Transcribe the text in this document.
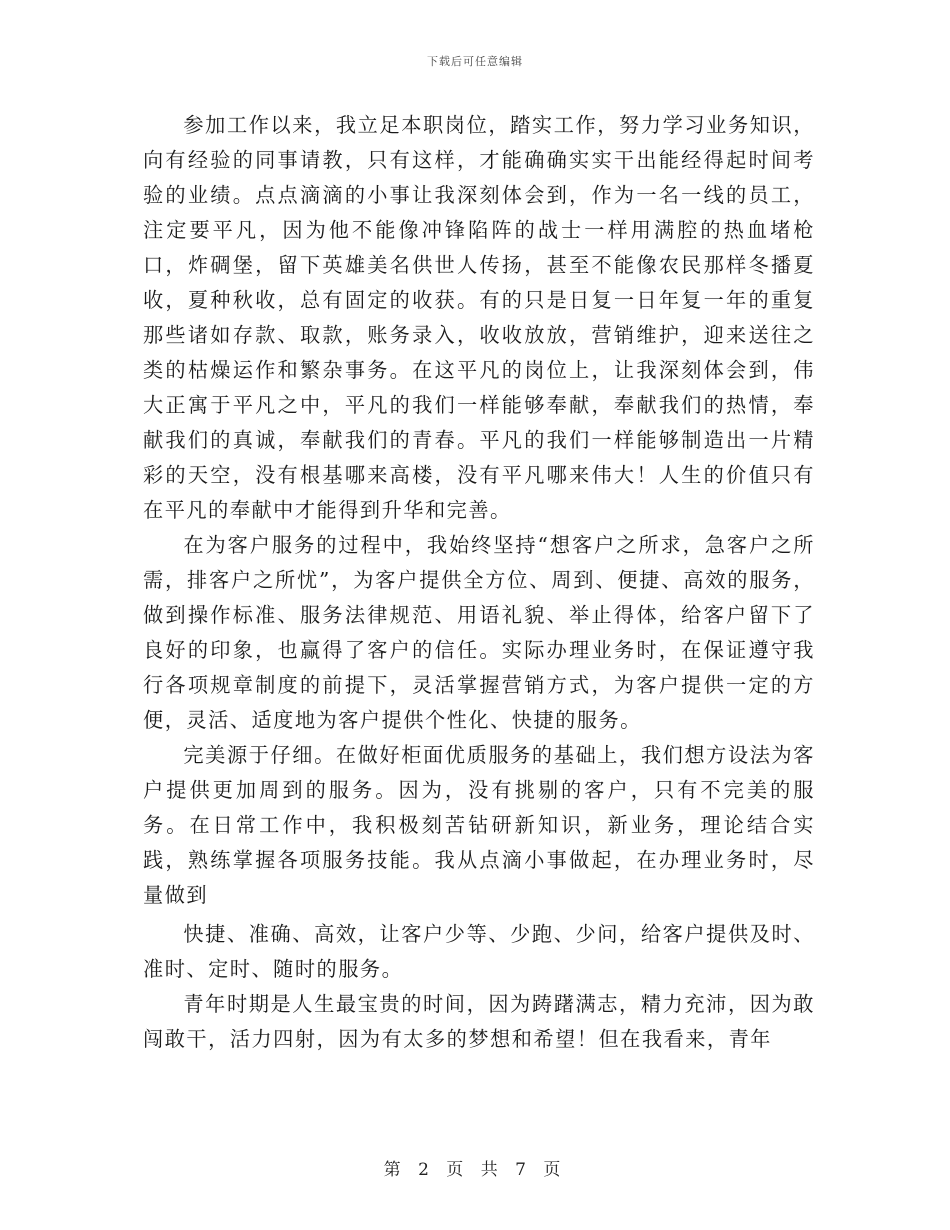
下载后可任意编辑

参加工作以来，我立足本职岗位，踏实工作，努力学习业务知识，向有经验的同事请教，只有这样，才能确确实实干出能经得起时间考验的业绩。点点滴滴的小事让我深刻体会到，作为一名一线的员工，注定要平凡，因为他不能像冲锋陷阵的战士一样用满腔的热血堵枪口，炸碉堡，留下英雄美名供世人传扬，甚至不能像农民那样冬播夏收，夏种秋收，总有固定的收获。有的只是日复一日年复一年的重复那些诸如存款、取款，账务录入，收收放放，营销维护，迎来送往之类的枯燥运作和繁杂事务。在这平凡的岗位上，让我深刻体会到，伟大正寓于平凡之中，平凡的我们一样能够奉献，奉献我们的热情，奉献我们的真诚，奉献我们的青春。平凡的我们一样能够制造出一片精彩的天空，没有根基哪来高楼，没有平凡哪来伟大！人生的价值只有在平凡的奉献中才能得到升华和完善。

在为客户服务的过程中，我始终坚持“想客户之所求，急客户之所需，排客户之所忧”，为客户提供全方位、周到、便捷、高效的服务，做到操作标准、服务法律规范、用语礼貌、举止得体，给客户留下了良好的印象，也赢得了客户的信任。实际办理业务时，在保证遵守我行各项规章制度的前提下，灵活掌握营销方式，为客户提供一定的方便，灵活、适度地为客户提供个性化、快捷的服务。

完美源于仔细。在做好柜面优质服务的基础上，我们想方设法为客户提供更加周到的服务。因为，没有挑剔的客户，只有不完美的服务。在日常工作中，我积极刻苦钻研新知识，新业务，理论结合实践，熟练掌握各项服务技能。我从点滴小事做起，在办理业务时，尽量做到

快捷、准确、高效，让客户少等、少跑、少问，给客户提供及时、准时、定时、随时的服务。

青年时期是人生最宝贵的时间，因为踌躇满志，精力充沛，因为敢闯敢干，活力四射，因为有太多的梦想和希望！但在我看来，青年

第 2 页 共 7 页
